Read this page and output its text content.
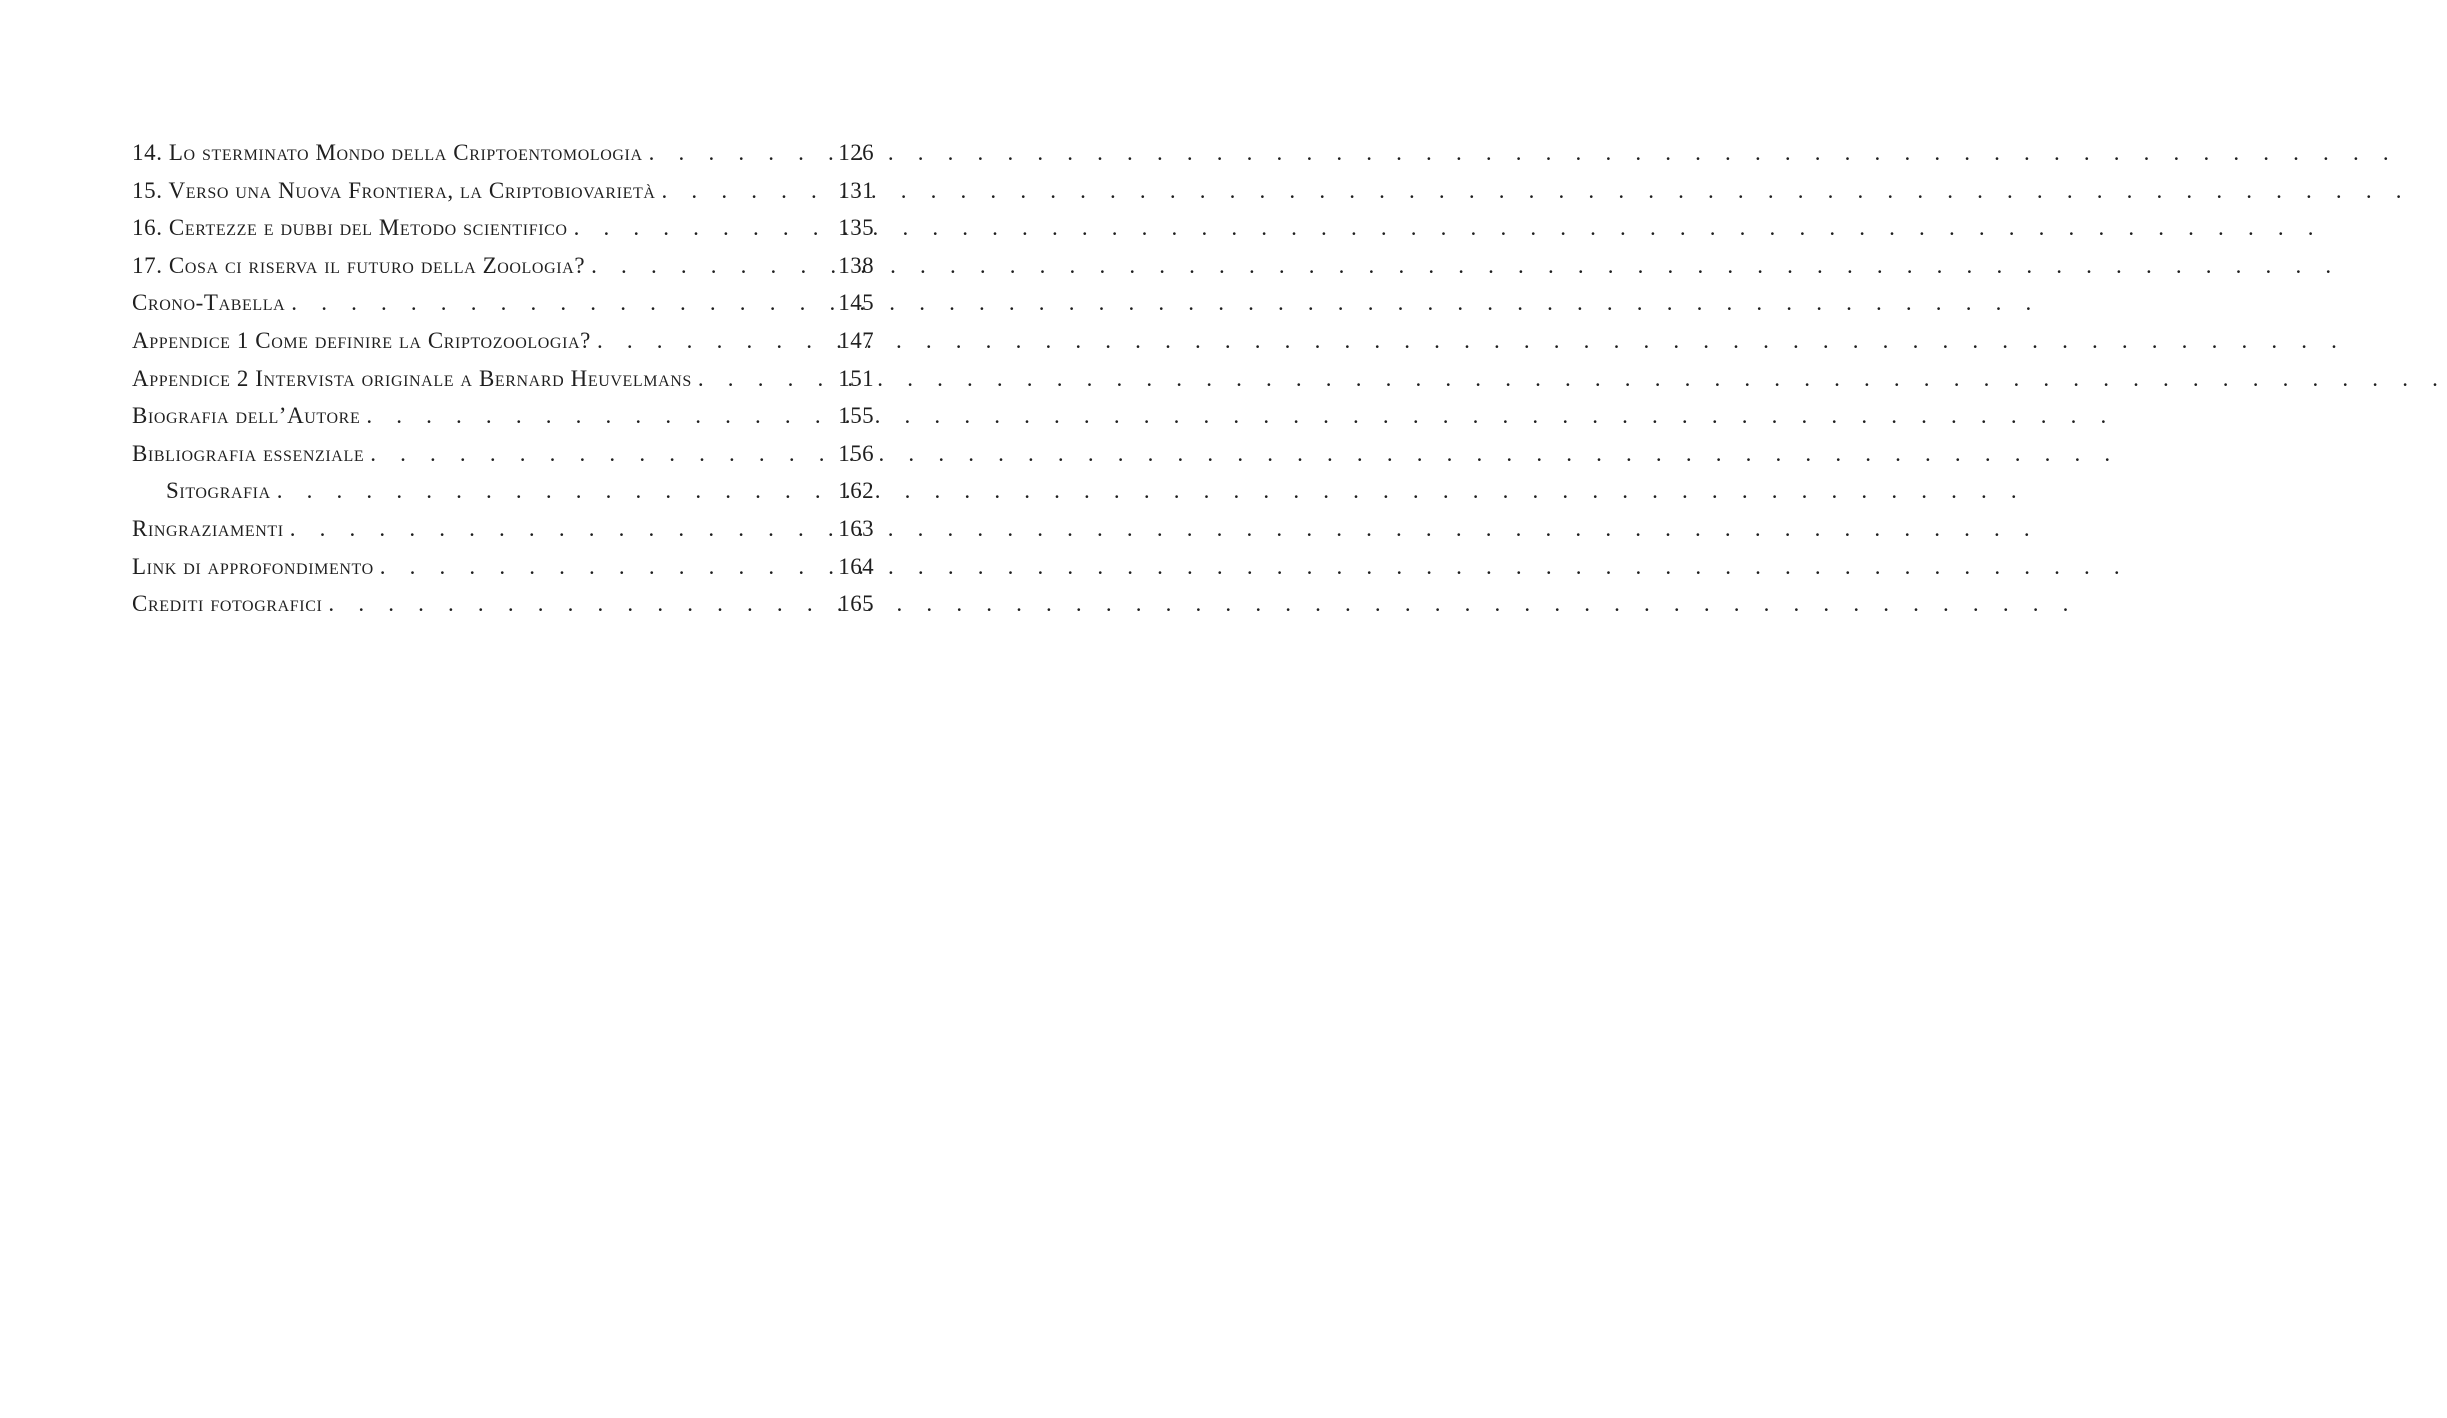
14. Lo sterminato Mondo della Criptoentomologia . . .	126
15. Verso una Nuova Frontiera, la Criptobiovarietà . . .	131
16. Certezze e dubbi del Metodo scientifico . . .	135
17. Cosa ci riserva il futuro della Zoologia? . . .	138
Crono-Tabella . . .	145
Appendice 1 Come definire la Criptozoologia? . . .	147
Appendice 2 Intervista originale a Bernard Heuvelmans . . .	151
Biografia dell’Autore . . .	155
Bibliografia essenziale . . .	156
Sitografia . . .	162
Ringraziamenti . . .	163
Link di approfondimento . . .	164
Crediti fotografici . . .	165
